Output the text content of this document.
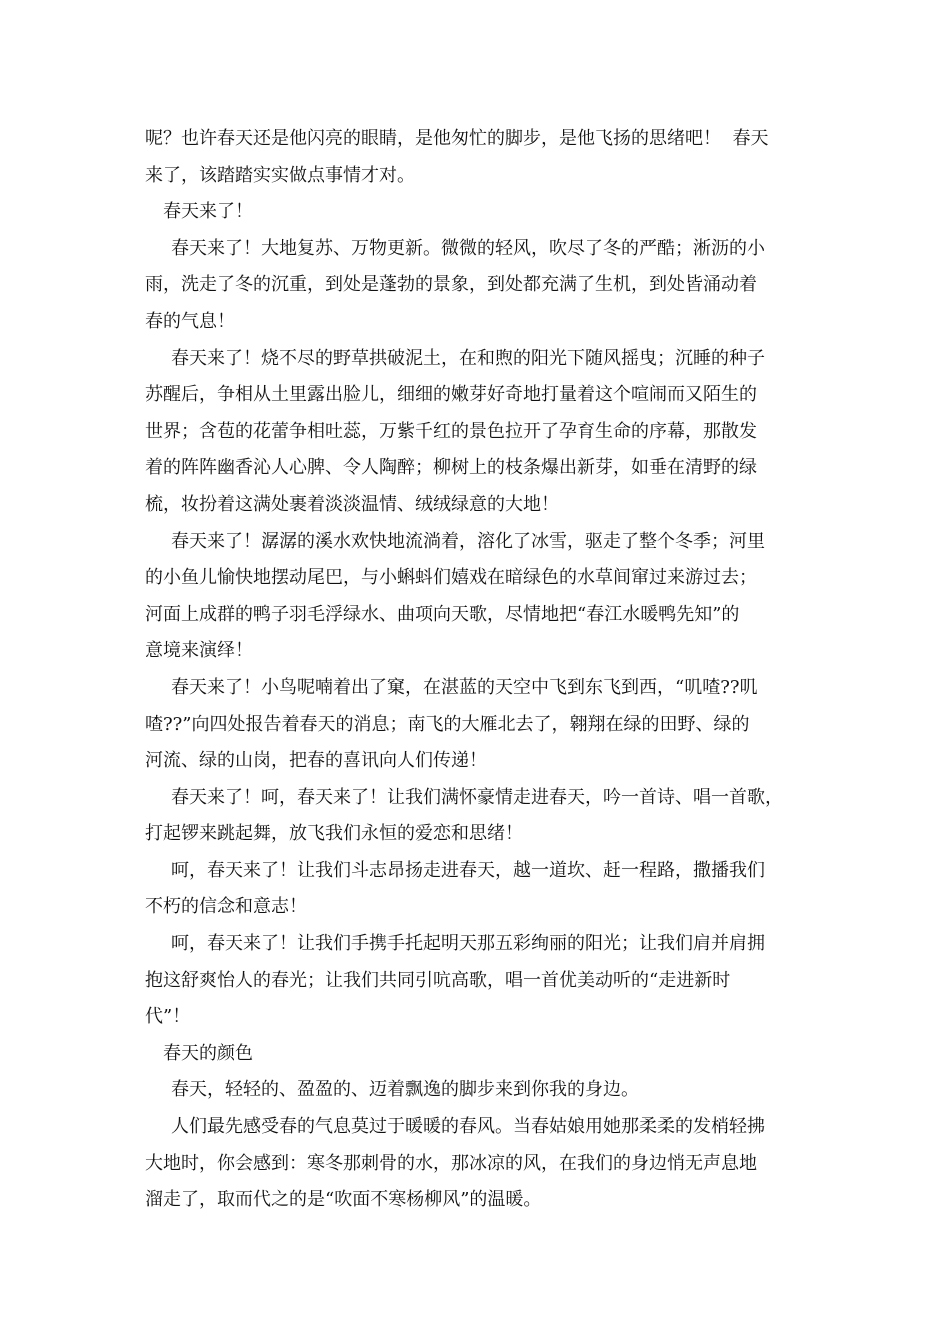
呢？也许春天还是他闪亮的眼睛，是他匆忙的脚步，是他飞扬的思绪吧！  春天
来了，该踏踏实实做点事情才对。
春天来了！
春天来了！大地复苏、万物更新。微微的轻风，吹尽了冬的严酷；淅沥的小
雨，洗走了冬的沉重，到处是蓬勃的景象，到处都充满了生机，到处皆涌动着
春的气息！
春天来了！烧不尽的野草拱破泥土，在和煦的阳光下随风摇曳；沉睡的种子
苏醒后，争相从土里露出脸儿，细细的嫩芽好奇地打量着这个喧闹而又陌生的
世界；含苞的花蕾争相吐蕊，万紫千红的景色拉开了孕育生命的序幕，那散发
着的阵阵幽香沁人心脾、令人陶醉；柳树上的枝条爆出新芽，如垂在清野的绿
梳，妆扮着这满处裹着淡淡温情、绒绒绿意的大地！
春天来了！潺潺的溪水欢快地流淌着，溶化了冰雪，驱走了整个冬季；河里
的小鱼儿愉快地摆动尾巴，与小蝌蚪们嬉戏在暗绿色的水草间窜过来游过去；
河面上成群的鸭子羽毛浮绿水、曲项向天歌，尽情地把“春江水暖鸭先知”的
意境来演绎！
春天来了！小鸟呢喃着出了窠，在湛蓝的天空中飞到东飞到西，“叽喳??叽
喳??”向四处报告着春天的消息；南飞的大雁北去了，翱翔在绿的田野、绿的
河流、绿的山岗，把春的喜讯向人们传递！
春天来了！呵，春天来了！让我们满怀豪情走进春天，吟一首诗、唱一首歌，
打起锣来跳起舞，放飞我们永恒的爱恋和思绪！
呵，春天来了！让我们斗志昂扬走进春天，越一道坎、赶一程路，撒播我们
不朽的信念和意志！
呵，春天来了！让我们手携手托起明天那五彩绚丽的阳光；让我们肩并肩拥
抱这舒爽怡人的春光；让我们共同引吭高歌，唱一首优美动听的“走进新时
代”！
春天的颜色
春天，轻轻的、盈盈的、迈着飘逸的脚步来到你我的身边。
人们最先感受春的气息莫过于暖暖的春风。当春姑娘用她那柔柔的发梢轻拂
大地时，你会感到：寒冬那刺骨的水，那冰凉的风，在我们的身边悄无声息地
溜走了，取而代之的是“吹面不寒杨柳风”的温暖。
